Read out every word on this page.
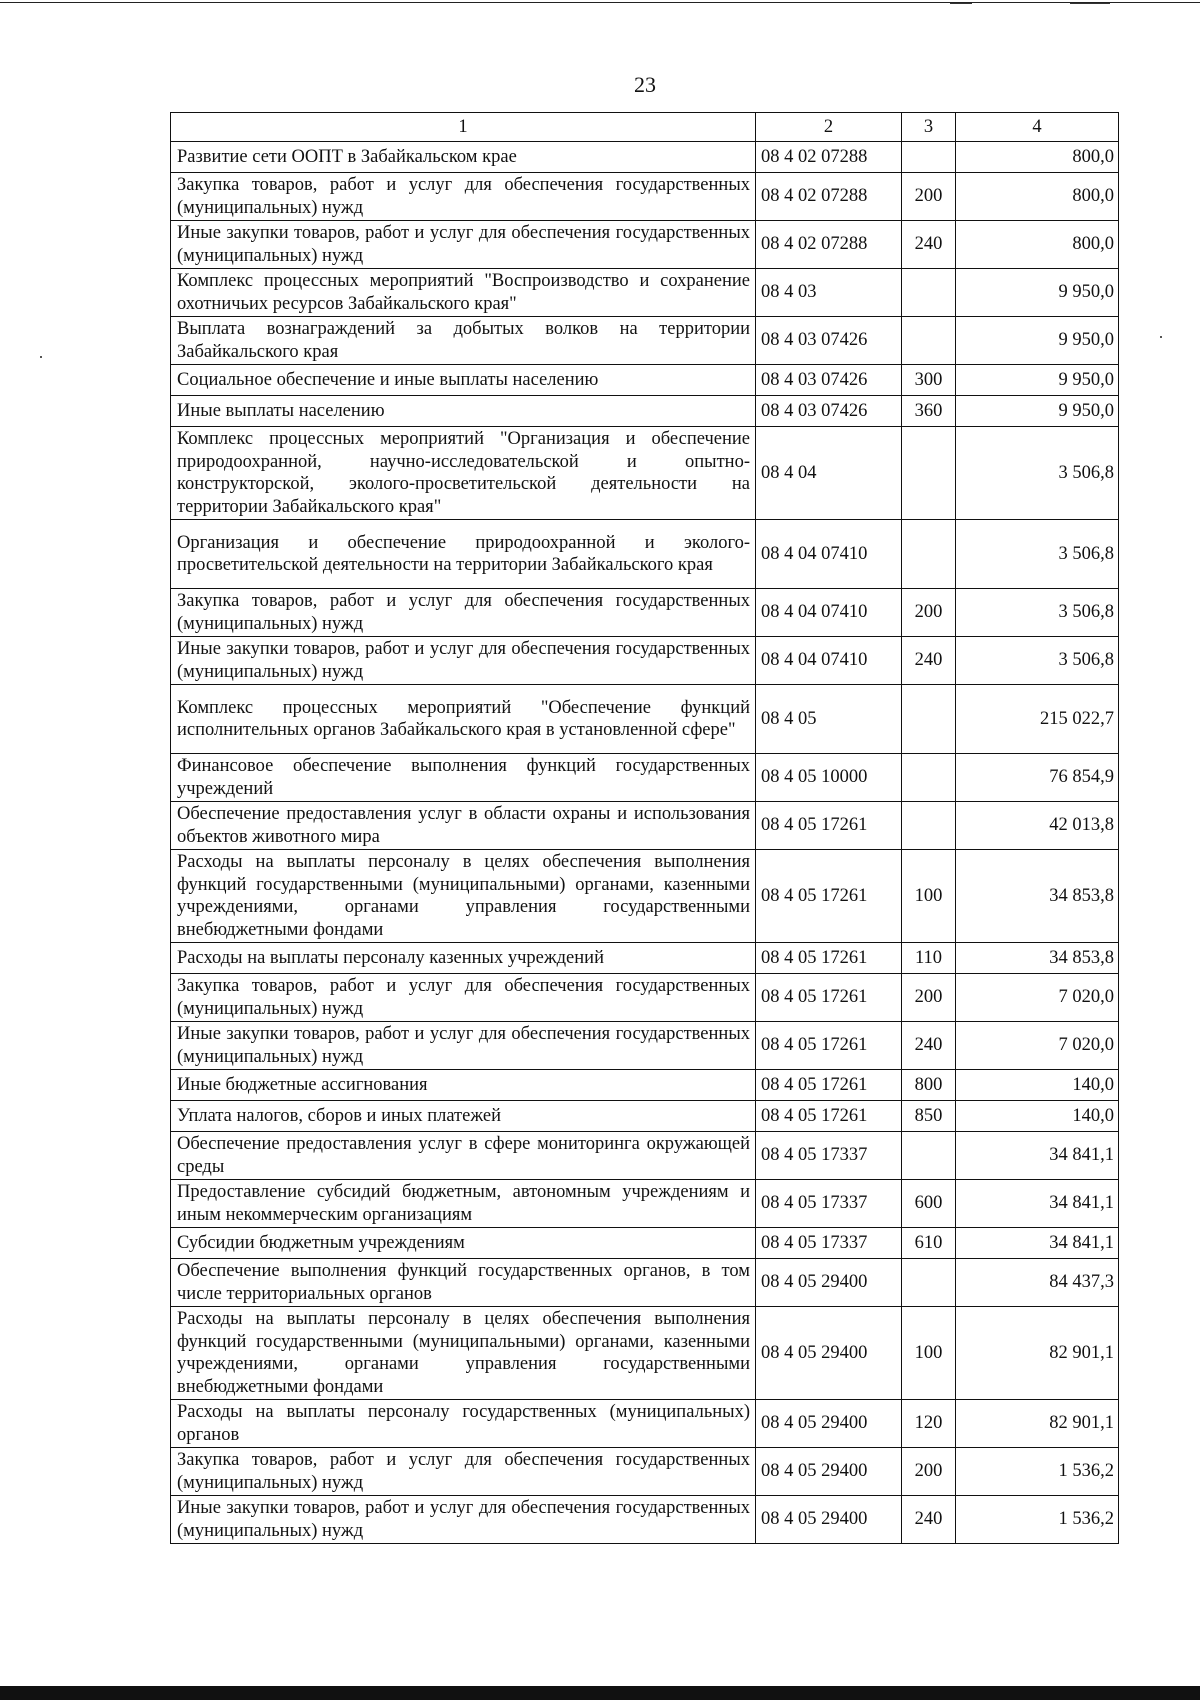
23
1	2	3	4
Развитие сети ООПТ в Забайкальском крае	08 4 02 07288		800,0
Закупка товаров, работ и услуг для обеспечения государственных (муниципальных) нужд	08 4 02 07288	200	800,0
Иные закупки товаров, работ и услуг для обеспечения государственных (муниципальных) нужд	08 4 02 07288	240	800,0
Комплекс процессных мероприятий "Воспроизводство и сохранение охотничьих ресурсов Забайкальского края"	08 4 03		9 950,0
Выплата вознаграждений за добытых волков на территории Забайкальского края	08 4 03 07426		9 950,0
Социальное обеспечение и иные выплаты населению	08 4 03 07426	300	9 950,0
Иные выплаты населению	08 4 03 07426	360	9 950,0
Комплекс процессных мероприятий "Организация и обеспечение природоохранной, научно-исследовательской и опытно-конструкторской, эколого-просветительской деятельности на территории Забайкальского края"	08 4 04		3 506,8
Организация и обеспечение природоохранной и эколого-просветительской деятельности на территории Забайкальского края	08 4 04 07410		3 506,8
Закупка товаров, работ и услуг для обеспечения государственных (муниципальных) нужд	08 4 04 07410	200	3 506,8
Иные закупки товаров, работ и услуг для обеспечения государственных (муниципальных) нужд	08 4 04 07410	240	3 506,8
Комплекс процессных мероприятий "Обеспечение функций исполнительных органов Забайкальского края в установленной сфере"	08 4 05		215 022,7
Финансовое обеспечение выполнения функций государственных учреждений	08 4 05 10000		76 854,9
Обеспечение предоставления услуг в области охраны и использования объектов животного мира	08 4 05 17261		42 013,8
Расходы на выплаты персоналу в целях обеспечения выполнения функций государственными (муниципальными) органами, казенными учреждениями, органами управления государственными внебюджетными фондами	08 4 05 17261	100	34 853,8
Расходы на выплаты персоналу казенных учреждений	08 4 05 17261	110	34 853,8
Закупка товаров, работ и услуг для обеспечения государственных (муниципальных) нужд	08 4 05 17261	200	7 020,0
Иные закупки товаров, работ и услуг для обеспечения государственных (муниципальных) нужд	08 4 05 17261	240	7 020,0
Иные бюджетные ассигнования	08 4 05 17261	800	140,0
Уплата налогов, сборов и иных платежей	08 4 05 17261	850	140,0
Обеспечение предоставления услуг в сфере мониторинга окружающей среды	08 4 05 17337		34 841,1
Предоставление субсидий бюджетным, автономным учреждениям и иным некоммерческим организациям	08 4 05 17337	600	34 841,1
Субсидии бюджетным учреждениям	08 4 05 17337	610	34 841,1
Обеспечение выполнения функций государственных органов, в том числе территориальных органов	08 4 05 29400		84 437,3
Расходы на выплаты персоналу в целях обеспечения выполнения функций государственными (муниципальными) органами, казенными учреждениями, органами управления государственными внебюджетными фондами	08 4 05 29400	100	82 901,1
Расходы на выплаты персоналу государственных (муниципальных) органов	08 4 05 29400	120	82 901,1
Закупка товаров, работ и услуг для обеспечения государственных (муниципальных) нужд	08 4 05 29400	200	1 536,2
Иные закупки товаров, работ и услуг для обеспечения государственных (муниципальных) нужд	08 4 05 29400	240	1 536,2
